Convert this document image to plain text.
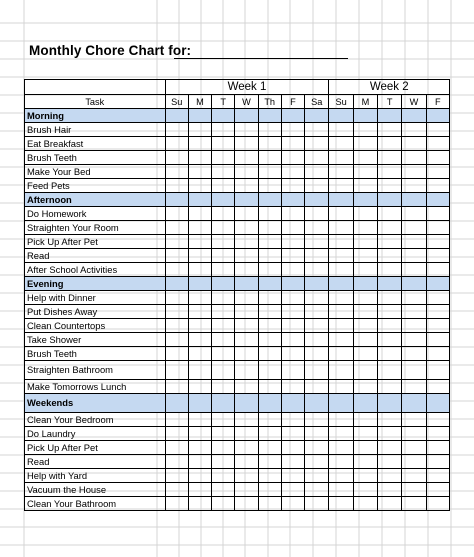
Monthly Chore Chart for:
	Week 1							Week 2				
Task	Su	M	T	W	Th	F	Sa	Su	M	T	W	F
Morning												
Brush Hair												
Eat Breakfast												
Brush Teeth												
Make Your Bed												
Feed Pets												
Afternoon												
Do Homework												
Straighten Your Room												
Pick Up After Pet												
Read												
After School Activities												
Evening												
Help with Dinner												
Put Dishes Away												
Clean Countertops												
Take Shower												
Brush Teeth												
Straighten Bathroom												
Make Tomorrows Lunch												
Weekends												
Clean Your Bedroom												
Do Laundry												
Pick Up After Pet												
Read												
Help with Yard												
Vacuum the House												
Clean Your Bathroom												
